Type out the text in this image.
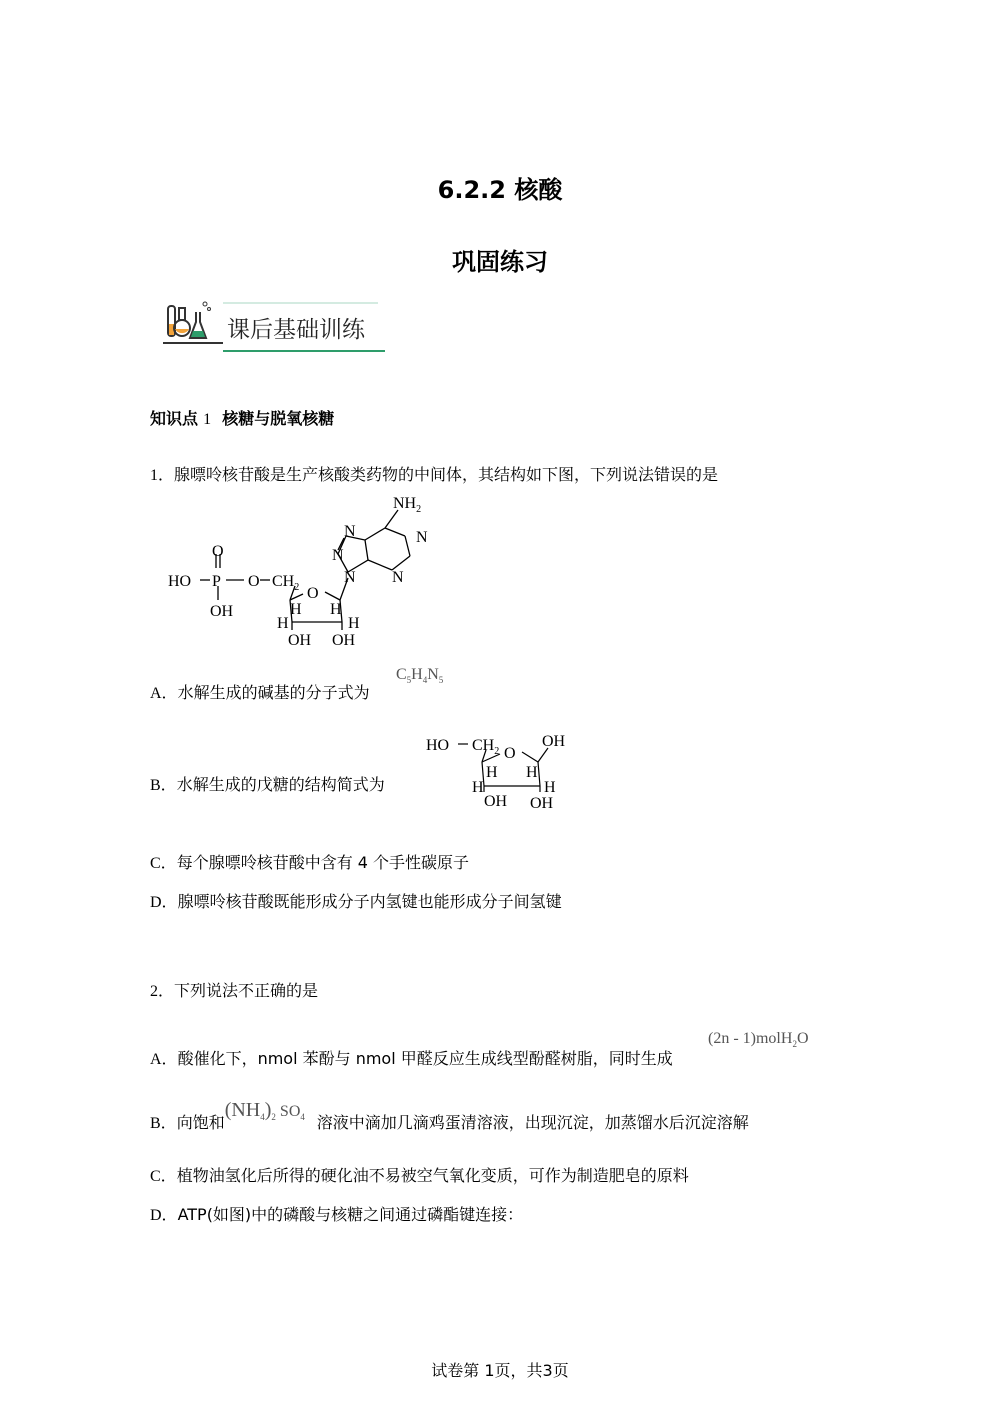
6.2.2 核酸
巩固练习
课后基础训练
知识点 1 核糖与脱氧核糖
1．腺嘌呤核苷酸是生产核酸类药物的中间体，其结构如下图，下列说法错误的是
$NH_2$
O
HO P O $CH_2$
OH
O
H
H
H
H
OH OH
N
N
N	N
N
A．水解生成的碱基的分子式为
$C_5H_4N_5$
B．水解生成的戊糖的结构简式为
HO $CH_2$ O
OH
H
H
H
H
OH OH
C．每个腺嘌呤核苷酸中含有 4 个手性碳原子
D．腺嘌呤核苷酸既能形成分子内氢键也能形成分子间氢键
2．下列说法不正确的是
A．酸催化下，nmol 苯酚与 nmol 甲醛反应生成线型酚醛树脂，同时生成
(2n - 1)molH$_2$O
B．向饱和$(NH_4)_2$ $SO_4$ 溶液中滴加几滴鸡蛋清溶液，出现沉淀，加蒸馏水后沉淀溶解
C．植物油氢化后所得的硬化油不易被空气氧化变质，可作为制造肥皂的原料
D．ATP(如图)中的磷酸与核糖之间通过磷酯键连接：
试卷第 1页，共3页
